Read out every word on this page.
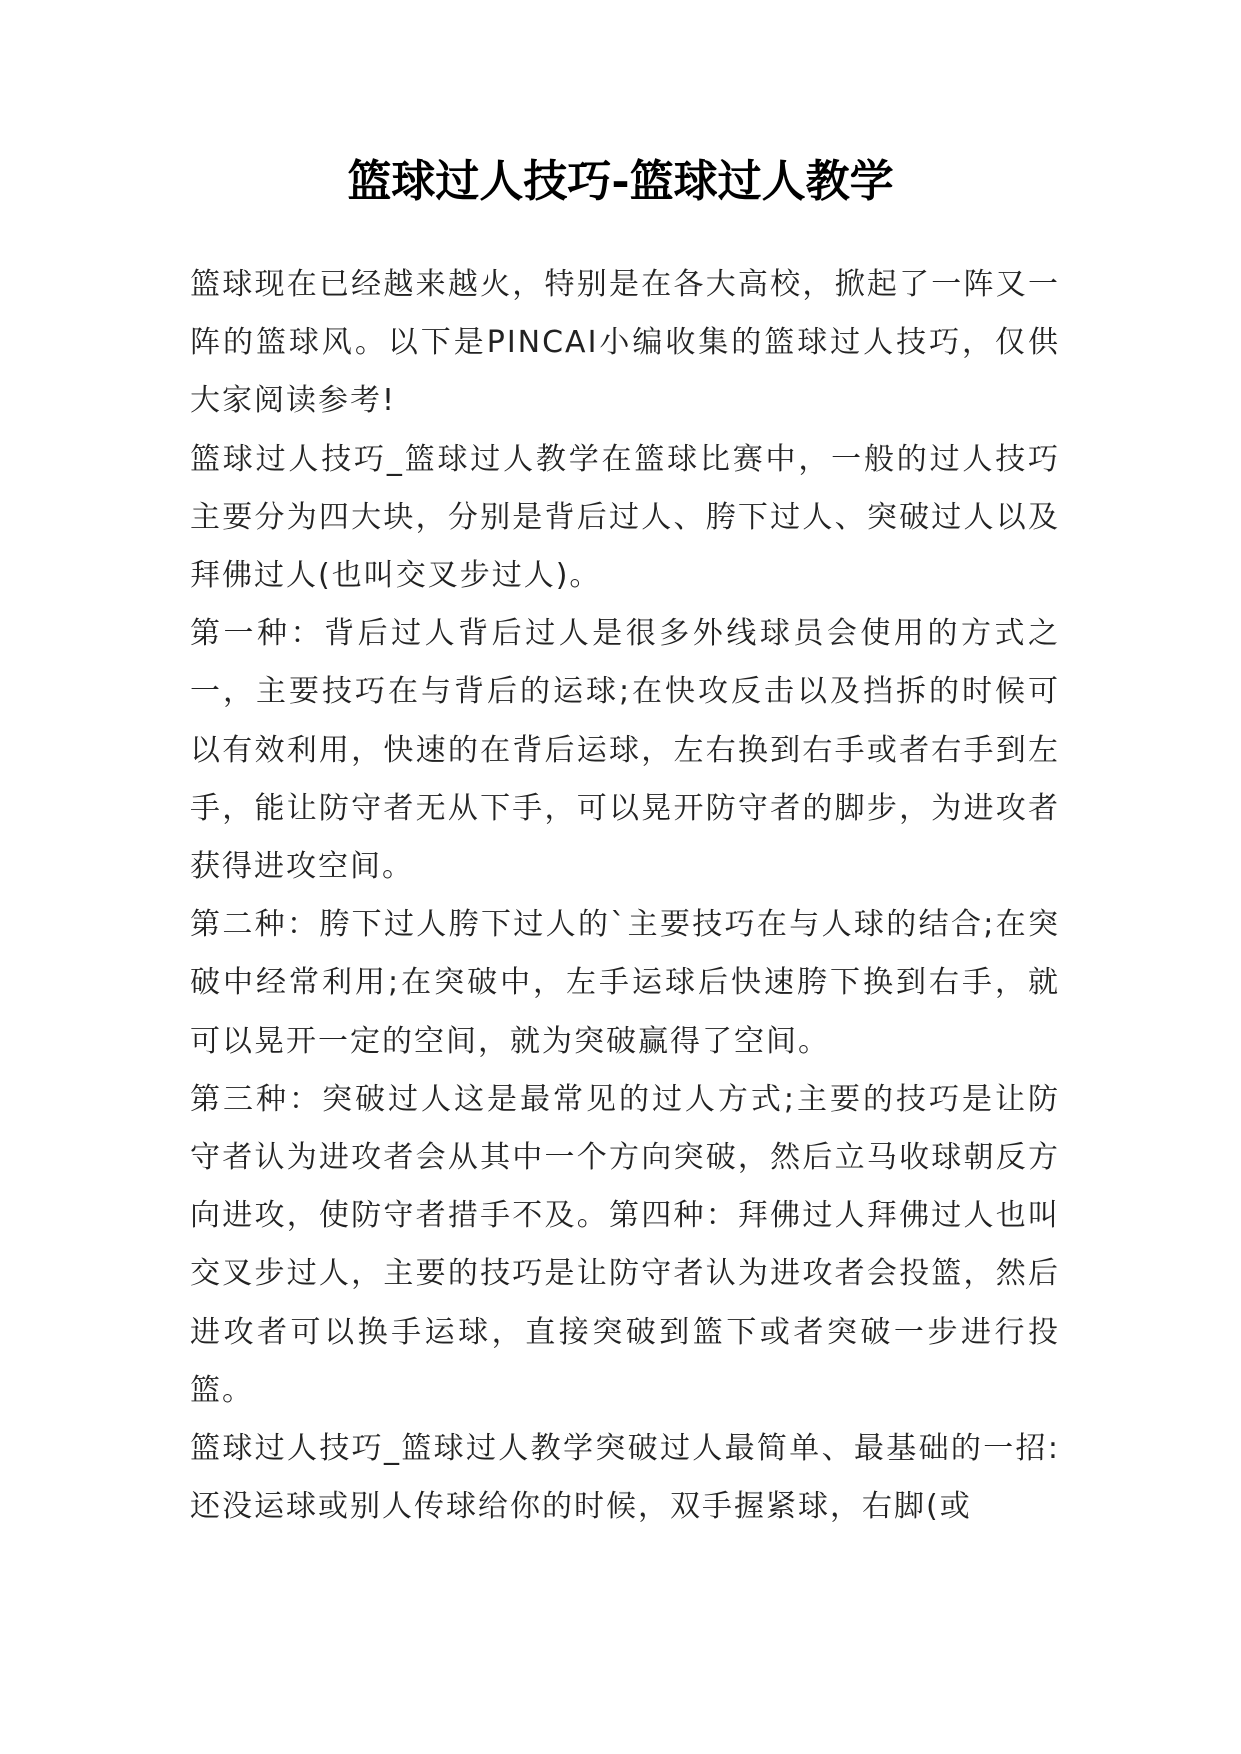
篮球过人技巧-篮球过人教学

篮球现在已经越来越火，特别是在各大高校，掀起了一阵又一阵的篮球风。以下是PINCAI小编收集的篮球过人技巧，仅供大家阅读参考!

篮球过人技巧_篮球过人教学在篮球比赛中，一般的过人技巧主要分为四大块，分别是背后过人、胯下过人、突破过人以及拜佛过人(也叫交叉步过人)。

第一种：背后过人背后过人是很多外线球员会使用的方式之一，主要技巧在与背后的运球;在快攻反击以及挡拆的时候可以有效利用，快速的在背后运球，左右换到右手或者右手到左手，能让防守者无从下手，可以晃开防守者的脚步，为进攻者获得进攻空间。

第二种：胯下过人胯下过人的`主要技巧在与人球的结合;在突破中经常利用;在突破中，左手运球后快速胯下换到右手，就可以晃开一定的空间，就为突破赢得了空间。

第三种：突破过人这是最常见的过人方式;主要的技巧是让防守者认为进攻者会从其中一个方向突破，然后立马收球朝反方向进攻，使防守者措手不及。第四种：拜佛过人拜佛过人也叫交叉步过人，主要的技巧是让防守者认为进攻者会投篮，然后进攻者可以换手运球，直接突破到篮下或者突破一步进行投篮。

篮球过人技巧_篮球过人教学突破过人最简单、最基础的一招: 还没运球或别人传球给你的时候，双手握紧球，右脚(或
